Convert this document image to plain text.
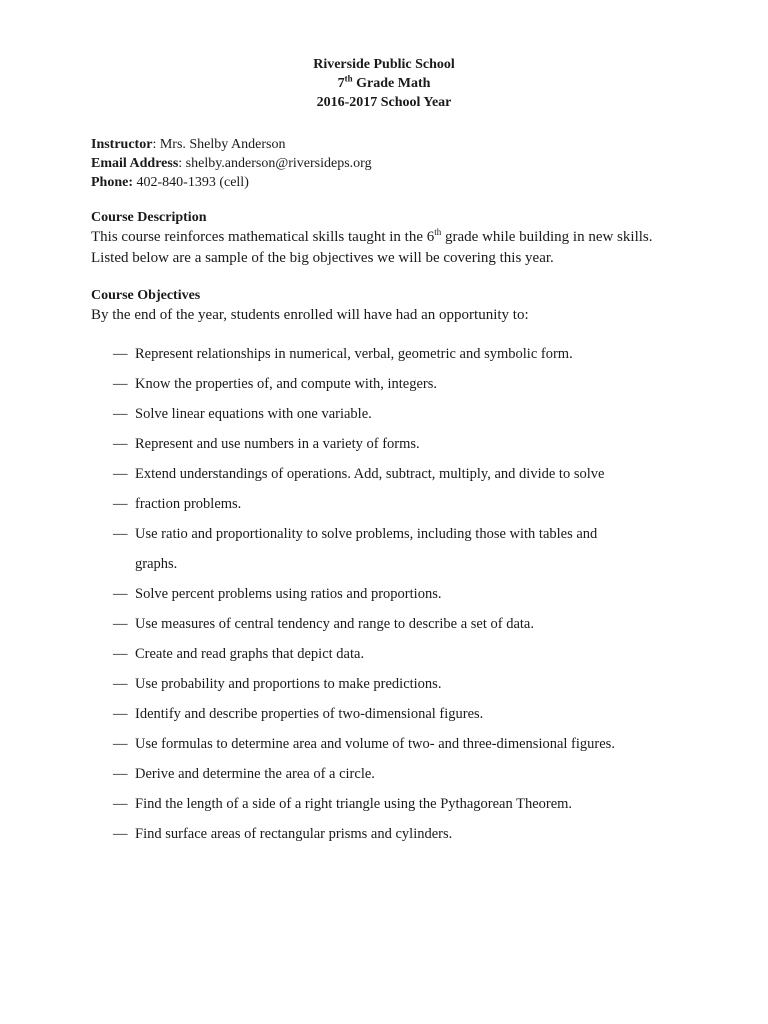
Riverside Public School
7th Grade Math
2016-2017 School Year
Instructor: Mrs. Shelby Anderson
Email Address: shelby.anderson@riversideps.org
Phone: 402-840-1393 (cell)
Course Description
This course reinforces mathematical skills taught in the 6th grade while building in new skills. Listed below are a sample of the big objectives we will be covering this year.
Course Objectives
By the end of the year, students enrolled will have had an opportunity to:
— Represent relationships in numerical, verbal, geometric and symbolic form.
— Know the properties of, and compute with, integers.
— Solve linear equations with one variable.
— Represent and use numbers in a variety of forms.
— Extend understandings of operations. Add, subtract, multiply, and divide to solve
— fraction problems.
— Use ratio and proportionality to solve problems, including those with tables and
graphs.
— Solve percent problems using ratios and proportions.
— Use measures of central tendency and range to describe a set of data.
— Create and read graphs that depict data.
— Use probability and proportions to make predictions.
— Identify and describe properties of two-dimensional figures.
— Use formulas to determine area and volume of two- and three-dimensional figures.
— Derive and determine the area of a circle.
— Find the length of a side of a right triangle using the Pythagorean Theorem.
— Find surface areas of rectangular prisms and cylinders.
